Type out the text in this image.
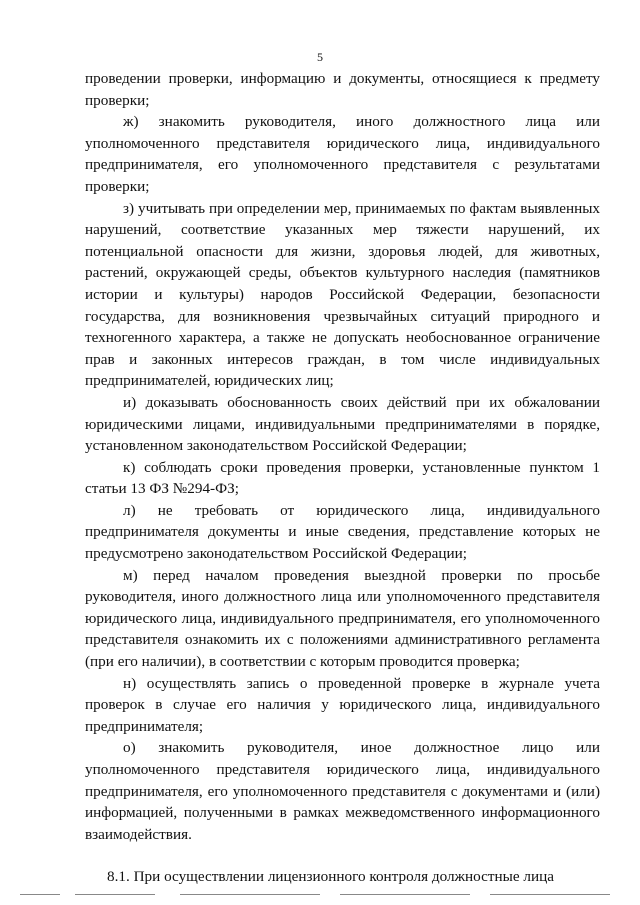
5

проведении проверки, информацию и документы, относящиеся к предмету проверки;

ж) знакомить руководителя, иного должностного лица или уполномоченного представителя юридического лица, индивидуального предпринимателя, его уполномоченного представителя с результатами проверки;

з) учитывать при определении мер, принимаемых по фактам выявленных нарушений, соответствие указанных мер тяжести нарушений, их потенциальной опасности для жизни, здоровья людей, для животных, растений, окружающей среды, объектов культурного наследия (памятников истории и культуры) народов Российской Федерации, безопасности государства, для возникновения чрезвычайных ситуаций природного и техногенного характера, а также не допускать необоснованное ограничение прав и законных интересов граждан, в том числе индивидуальных предпринимателей, юридических лиц;

и) доказывать обоснованность своих действий при их обжаловании юридическими лицами, индивидуальными предпринимателями в порядке, установленном законодательством Российской Федерации;

к) соблюдать сроки проведения проверки, установленные пунктом 1 статьи 13 ФЗ №294-ФЗ;

л) не требовать от юридического лица, индивидуального предпринимателя документы и иные сведения, представление которых не предусмотрено законодательством Российской Федерации;

м) перед началом проведения выездной проверки по просьбе руководителя, иного должностного лица или уполномоченного представителя юридического лица, индивидуального предпринимателя, его уполномоченного представителя ознакомить их с положениями административного регламента (при его наличии), в соответствии с которым проводится проверка;

н) осуществлять запись о проведенной проверке в журнале учета проверок в случае его наличия у юридического лица, индивидуального предпринимателя;

о) знакомить руководителя, иное должностное лицо или уполномоченного представителя юридического лица, индивидуального предпринимателя, его уполномоченного представителя с документами и (или) информацией, полученными в рамках межведомственного информационного взаимодействия.

8.1. При осуществлении лицензионного контроля должностные лица
